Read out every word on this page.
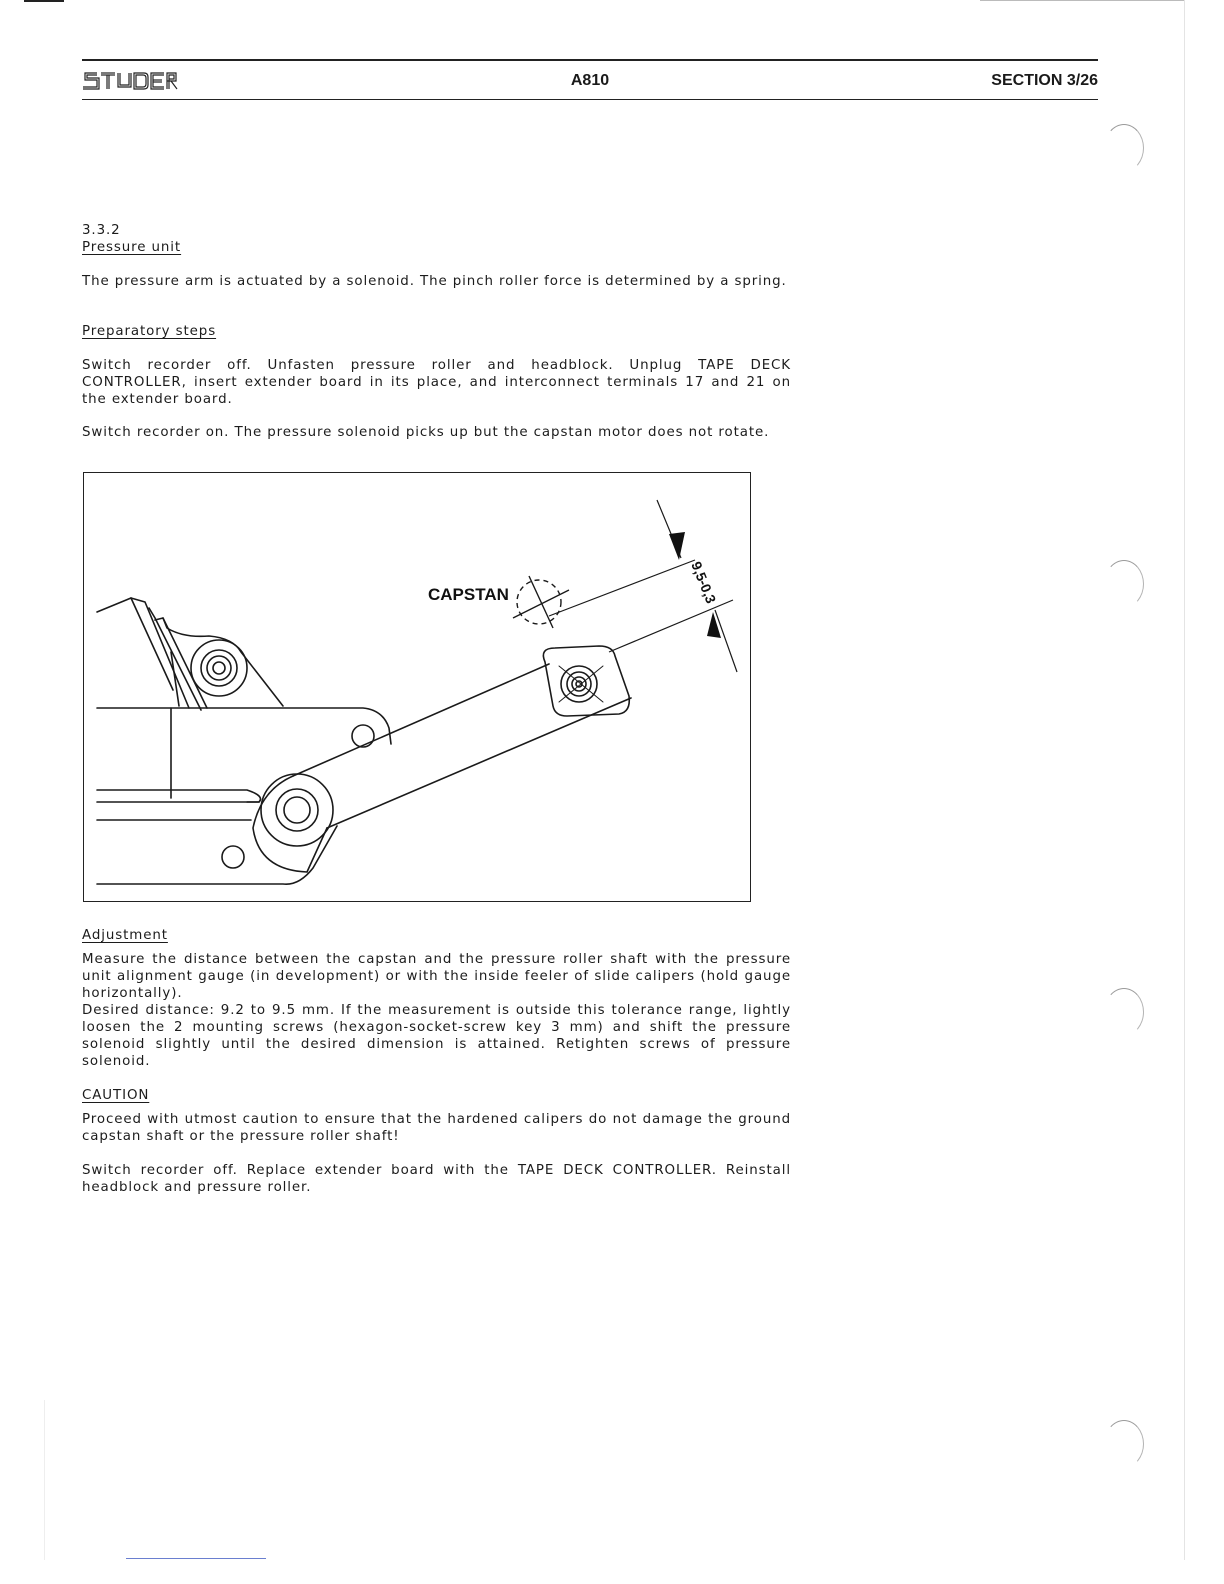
A810	SECTION 3/26

3.3.2

Pressure unit

The pressure arm is actuated by a solenoid. The pinch roller force is determined by a spring.

Preparatory steps

Switch recorder off. Unfasten pressure roller and headblock. Unplug TAPE DECK CONTROLLER, insert extender board in its place, and interconnect terminals 17 and 21 on the extender board.

Switch recorder on. The pressure solenoid picks up but the capstan motor does not rotate.

CAPSTAN	9,5-0,3

Adjustment

Measure the distance between the capstan and the pressure roller shaft with the pressure unit alignment gauge (in development) or with the inside feeler of slide calipers (hold gauge horizontally).

Desired distance: 9.2 to 9.5 mm. If the measurement is outside this tolerance range, lightly loosen the 2 mounting screws (hexagon-socket-screw key 3 mm) and shift the pressure solenoid slightly until the desired dimension is attained. Retighten screws of pressure solenoid.

CAUTION

Proceed with utmost caution to ensure that the hardened calipers do not damage the ground capstan shaft or the pressure roller shaft!

Switch recorder off. Replace extender board with the TAPE DECK CONTROLLER. Reinstall headblock and pressure roller.
